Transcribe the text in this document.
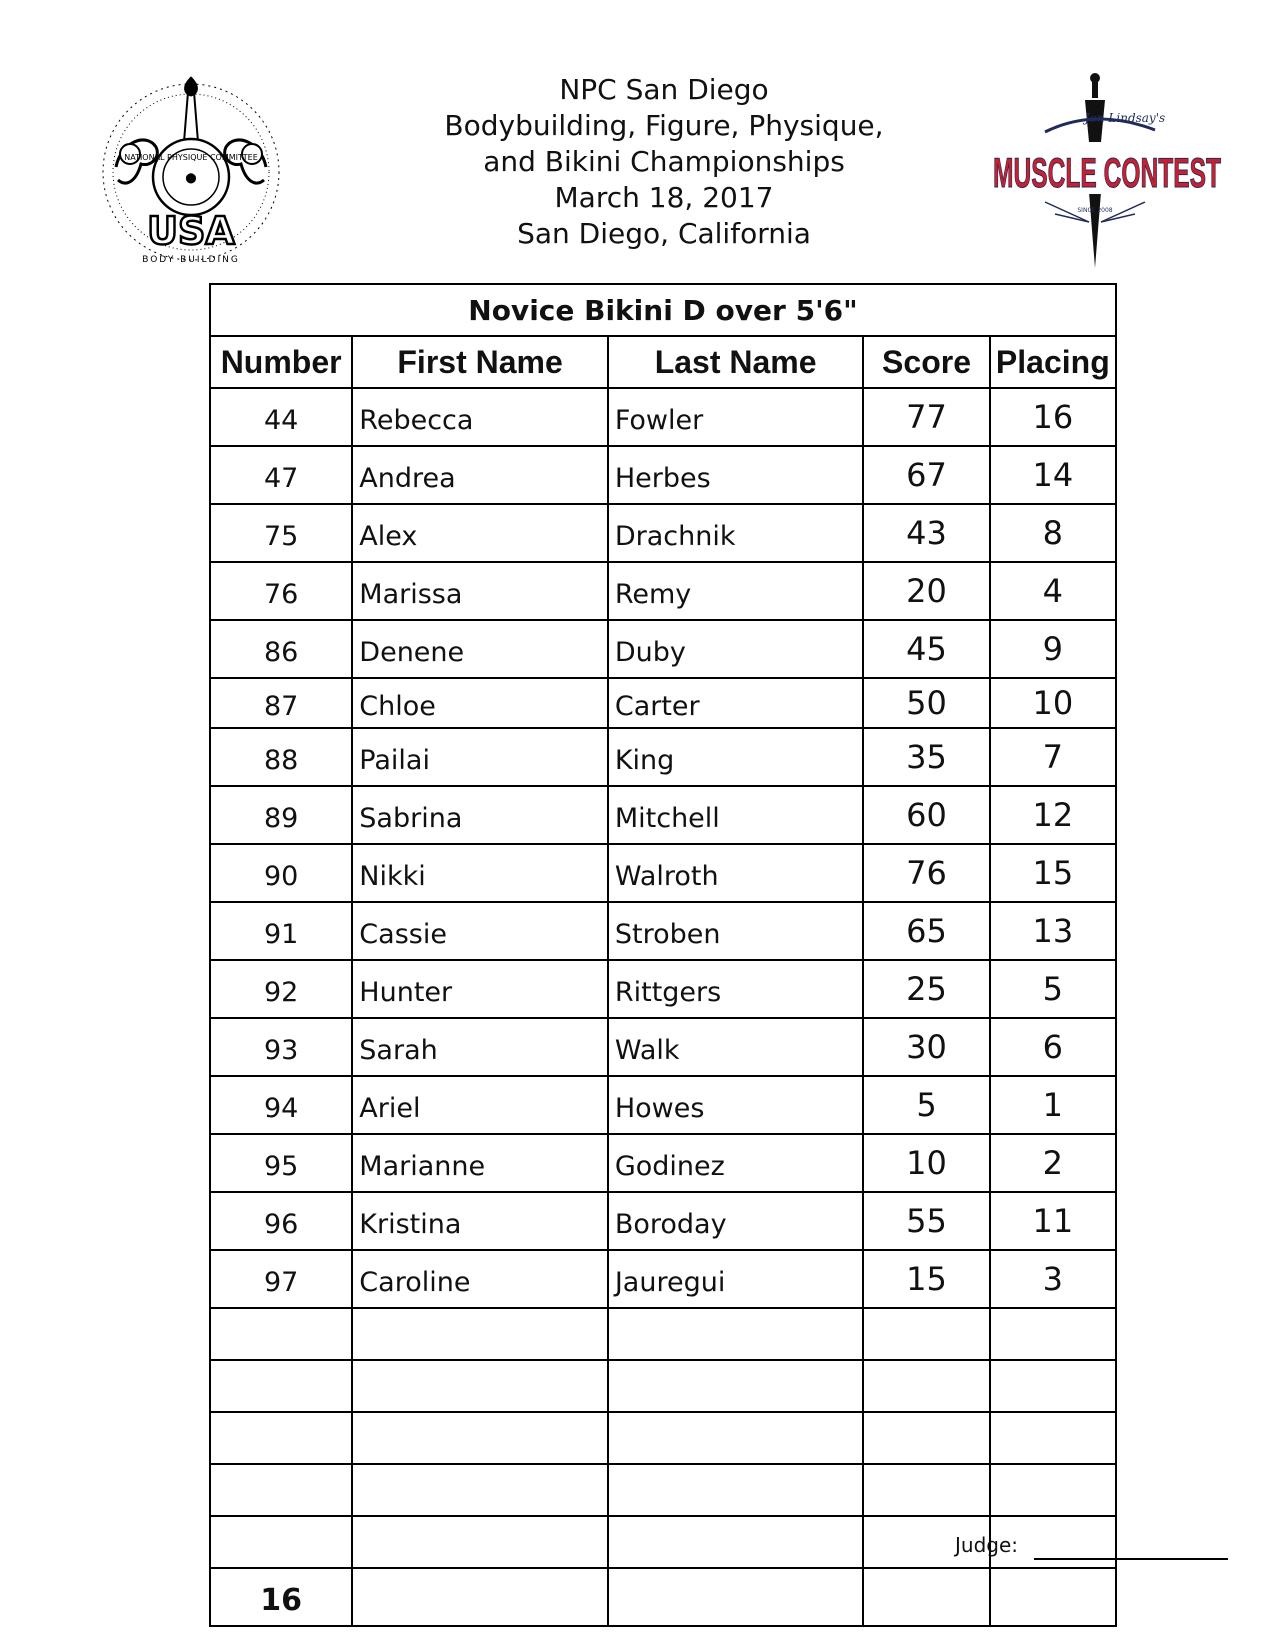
NATIONAL PHYSIQUE COMMITTEE
⬤
USA
BODY BUILDING
Jon Lindsay's
MUSCLE CONTEST
SINCE 2008
NPC San Diego
Bodybuilding, Figure, Physique,
and Bikini Championships
March 18, 2017
San Diego, California
Novice Bikini D over 5'6"				
Number	First Name	Last Name	Score	Placing
44	Rebecca	Fowler	77	16
47	Andrea	Herbes	67	14
75	Alex	Drachnik	43	8
76	Marissa	Remy	20	4
86	Denene	Duby	45	9
87	Chloe	Carter	50	10
88	Pailai	King	35	7
89	Sabrina	Mitchell	60	12
90	Nikki	Walroth	76	15
91	Cassie	Stroben	65	13
92	Hunter	Rittgers	25	5
93	Sarah	Walk	30	6
94	Ariel	Howes	5	1
95	Marianne	Godinez	10	2
96	Kristina	Boroday	55	11
97	Caroline	Jauregui	15	3

16				
Judge:
